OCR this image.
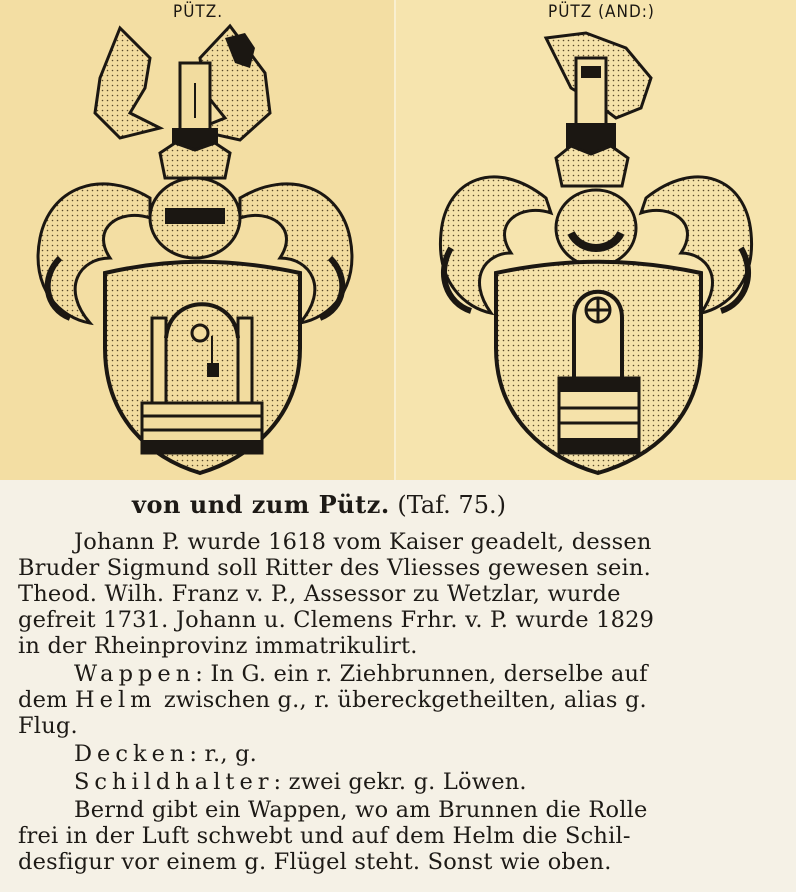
PÜTZ.	PÜTZ (AND:)
von und zum Pütz. (Taf. 75.)
Johann P. wurde 1618 vom Kaiser geadelt, dessen
Bruder Sigmund soll Ritter des Vliesses gewesen sein.
Theod. Wilh. Franz v. P., Assessor zu Wetzlar, wurde
gefreit 1731. Johann u. Clemens Frhr. v. P. wurde 1829
in der Rheinprovinz immatrikulirt.
Wappen: In G. ein r. Ziehbrunnen, derselbe auf
dem Helm zwischen g., r. übereckgetheilten, alias g.
Flug.
Decken: r., g.
Schildhalter: zwei gekr. g. Löwen.
Bernd gibt ein Wappen, wo am Brunnen die Rolle
frei in der Luft schwebt und auf dem Helm die Schil-
desfigur vor einem g. Flügel steht. Sonst wie oben.
